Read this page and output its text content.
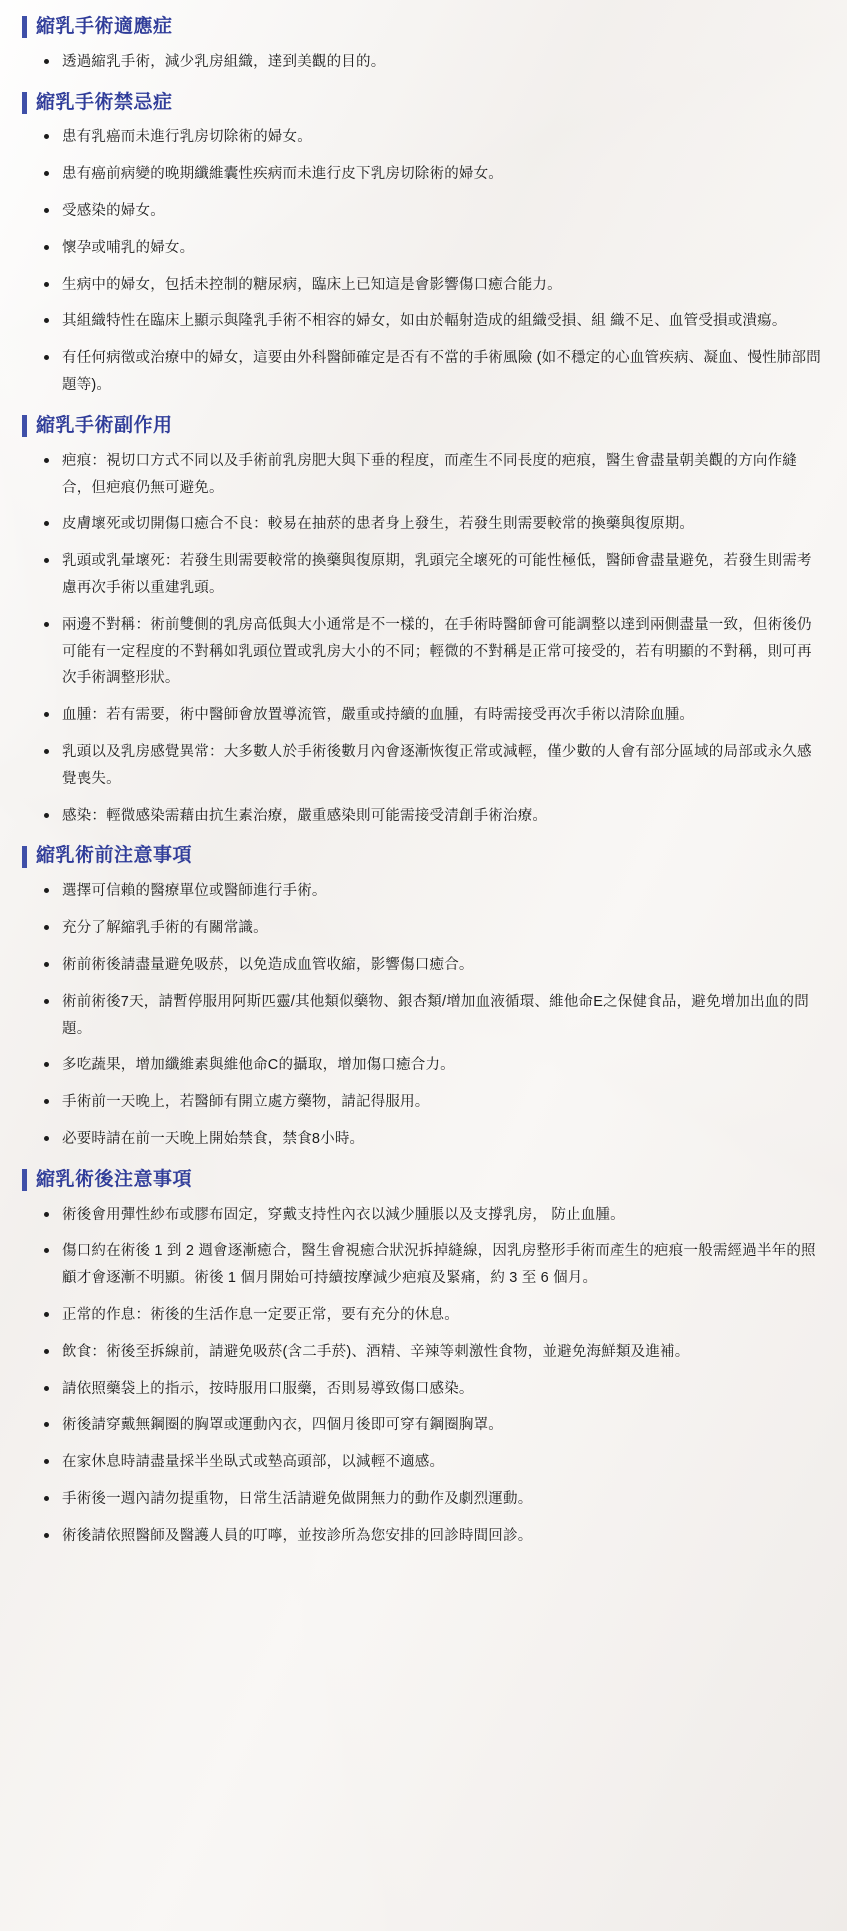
縮乳手術適應症
透過縮乳手術，減少乳房組織，達到美觀的目的。
縮乳手術禁忌症
患有乳癌而未進行乳房切除術的婦女。
患有癌前病變的晚期纖維囊性疾病而未進行皮下乳房切除術的婦女。
受感染的婦女。
懷孕或哺乳的婦女。
生病中的婦女，包括未控制的糖尿病，臨床上已知這是會影響傷口癒合能力。
其組織特性在臨床上顯示與隆乳手術不相容的婦女，如由於輻射造成的組織受損、組 織不足、血管受損或潰瘍。
有任何病徵或治療中的婦女，這要由外科醫師確定是否有不當的手術風險 (如不穩定的心血管疾病、凝血、慢性肺部問題等)。
縮乳手術副作用
疤痕：視切口方式不同以及手術前乳房肥大與下垂的程度，而產生不同長度的疤痕，醫生會盡量朝美觀的方向作縫合，但疤痕仍無可避免。
皮膚壞死或切開傷口癒合不良：較易在抽菸的患者身上發生，若發生則需要較常的換藥與復原期。
乳頭或乳暈壞死：若發生則需要較常的換藥與復原期，乳頭完全壞死的可能性極低，醫師會盡量避免，若發生則需考慮再次手術以重建乳頭。
兩邊不對稱：術前雙側的乳房高低與大小通常是不一樣的，在手術時醫師會可能調整以達到兩側盡量一致，但術後仍可能有一定程度的不對稱如乳頭位置或乳房大小的不同；輕微的不對稱是正常可接受的，若有明顯的不對稱，則可再次手術調整形狀。
血腫：若有需要，術中醫師會放置導流管，嚴重或持續的血腫，有時需接受再次手術以清除血腫。
乳頭以及乳房感覺異常：大多數人於手術後數月內會逐漸恢復正常或減輕，僅少數的人會有部分區域的局部或永久感覺喪失。
感染：輕微感染需藉由抗生素治療，嚴重感染則可能需接受清創手術治療。
縮乳術前注意事項
選擇可信賴的醫療單位或醫師進行手術。
充分了解縮乳手術的有關常識。
術前術後請盡量避免吸菸，以免造成血管收縮，影響傷口癒合。
術前術後7天，請暫停服用阿斯匹靈/其他類似藥物、銀杏類/增加血液循環、維他命E之保健食品，避免增加出血的問題。
多吃蔬果，增加纖維素與維他命C的攝取，增加傷口癒合力。
手術前一天晚上，若醫師有開立處方藥物，請記得服用。
必要時請在前一天晚上開始禁食，禁食8小時。
縮乳術後注意事項
術後會用彈性紗布或膠布固定，穿戴支持性內衣以減少腫脹以及支撐乳房， 防止血腫。
傷口約在術後 1 到 2 週會逐漸癒合，醫生會視癒合狀況拆掉縫線，因乳房整形手術而產生的疤痕一般需經過半年的照顧才會逐漸不明顯。術後 1 個月開始可持續按摩減少疤痕及緊痛，約 3 至 6 個月。
正常的作息：術後的生活作息一定要正常，要有充分的休息。
飲食：術後至拆線前，請避免吸菸(含二手菸)、酒精、辛辣等刺激性食物，並避免海鮮類及進補。
請依照藥袋上的指示，按時服用口服藥，否則易導致傷口感染。
術後請穿戴無鋼圈的胸罩或運動內衣，四個月後即可穿有鋼圈胸罩。
在家休息時請盡量採半坐臥式或墊高頭部，以減輕不適感。
手術後一週內請勿提重物，日常生活請避免做開無力的動作及劇烈運動。
術後請依照醫師及醫護人員的叮嚀，並按診所為您安排的回診時間回診。
